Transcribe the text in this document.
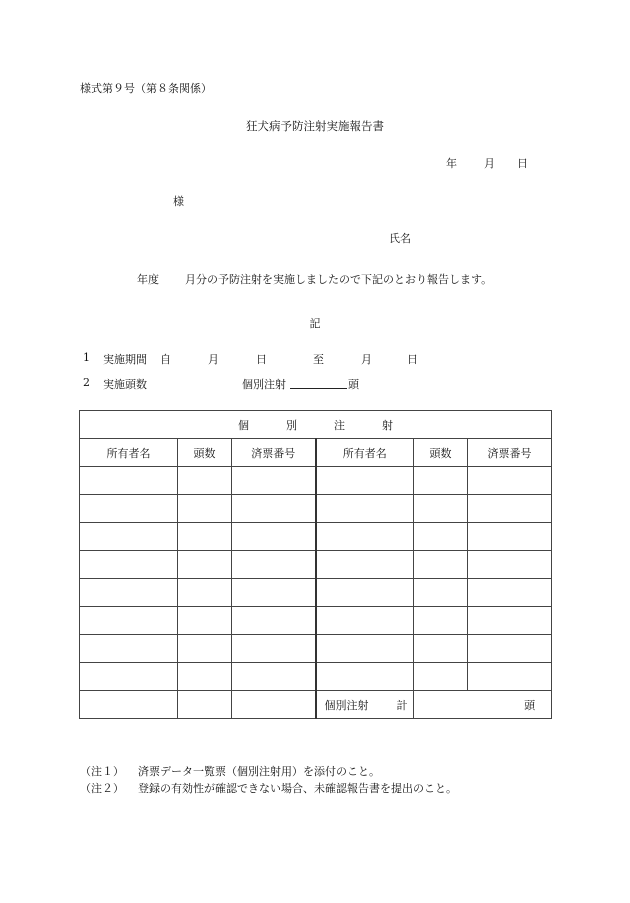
様式第９号（第８条関係）
狂犬病予防注射実施報告書
年 月 日
様
氏名
年度 月分の予防注射を実施しましたので下記のとおり報告します。
記
1 実施期間 自	月	日	至	月	日
2 実施頭数	個別注射	頭
個 別 注 射					
所有者名	頭数	済票番号	所有者名	頭数	済票番号

			個別注射 計	頭	
（注１） 済票データ一覧票（個別注射用）を添付のこと。
（注２） 登録の有効性が確認できない場合、未確認報告書を提出のこと。
